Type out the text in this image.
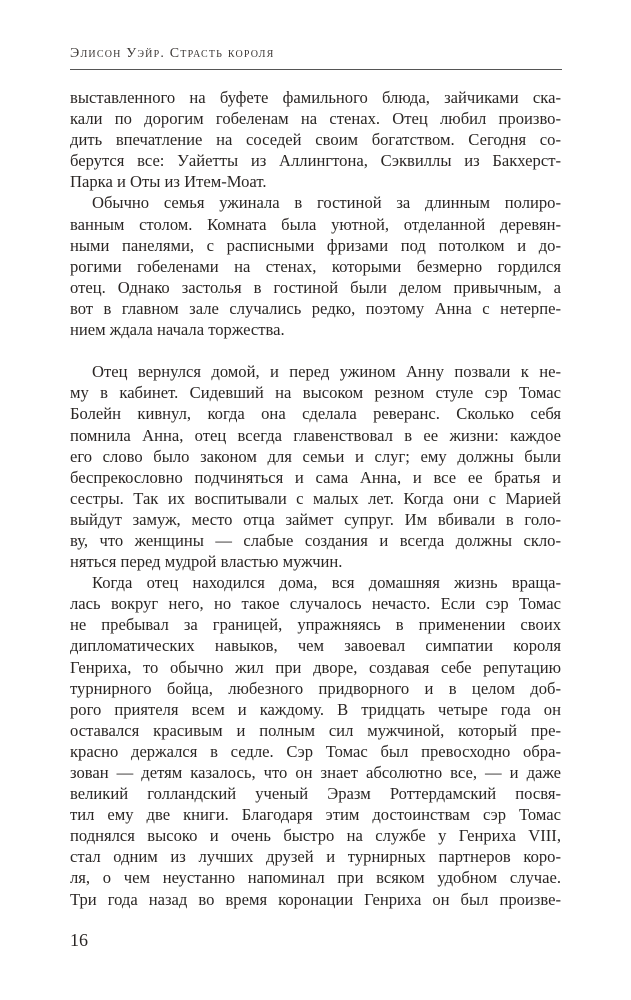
Элисон Уэйр. Страсть короля
выставленного на буфете фамильного блюда, зайчиками ска-
кали по дорогим гобеленам на стенах. Отец любил произво-
дить впечатление на соседей своим богатством. Сегодня со-
берутся все: Уайетты из Аллингтона, Сэквиллы из Бакхерст-
Парка и Оты из Итем-Моат.
Обычно семья ужинала в гостиной за длинным полиро-
ванным столом. Комната была уютной, отделанной деревян-
ными панелями, с расписными фризами под потолком и до-
рогими гобеленами на стенах, которыми безмерно гордился
отец. Однако застолья в гостиной были делом привычным, а
вот в главном зале случались редко, поэтому Анна с нетерпе-
нием ждала начала торжества.
Отец вернулся домой, и перед ужином Анну позвали к не-
му в кабинет. Сидевший на высоком резном стуле сэр Томас
Болейн кивнул, когда она сделала реверанс. Сколько себя
помнила Анна, отец всегда главенствовал в ее жизни: каждое
его слово было законом для семьи и слуг; ему должны были
беспрекословно подчиняться и сама Анна, и все ее братья и
сестры. Так их воспитывали с малых лет. Когда они с Марией
выйдут замуж, место отца займет супруг. Им вбивали в голо-
ву, что женщины — слабые создания и всегда должны скло-
няться перед мудрой властью мужчин.
Когда отец находился дома, вся домашняя жизнь враща-
лась вокруг него, но такое случалось нечасто. Если сэр Томас
не пребывал за границей, упражняясь в применении своих
дипломатических навыков, чем завоевал симпатии короля
Генриха, то обычно жил при дворе, создавая себе репутацию
турнирного бойца, любезного придворного и в целом доб-
рого приятеля всем и каждому. В тридцать четыре года он
оставался красивым и полным сил мужчиной, который пре-
красно держался в седле. Сэр Томас был превосходно обра-
зован — детям казалось, что он знает абсолютно все, — и даже
великий голландский ученый Эразм Роттердамский посвя-
тил ему две книги. Благодаря этим достоинствам сэр Томас
поднялся высоко и очень быстро на службе у Генриха VIII,
стал одним из лучших друзей и турнирных партнеров коро-
ля, о чем неустанно напоминал при всяком удобном случае.
Три года назад во время коронации Генриха он был произве-
16
